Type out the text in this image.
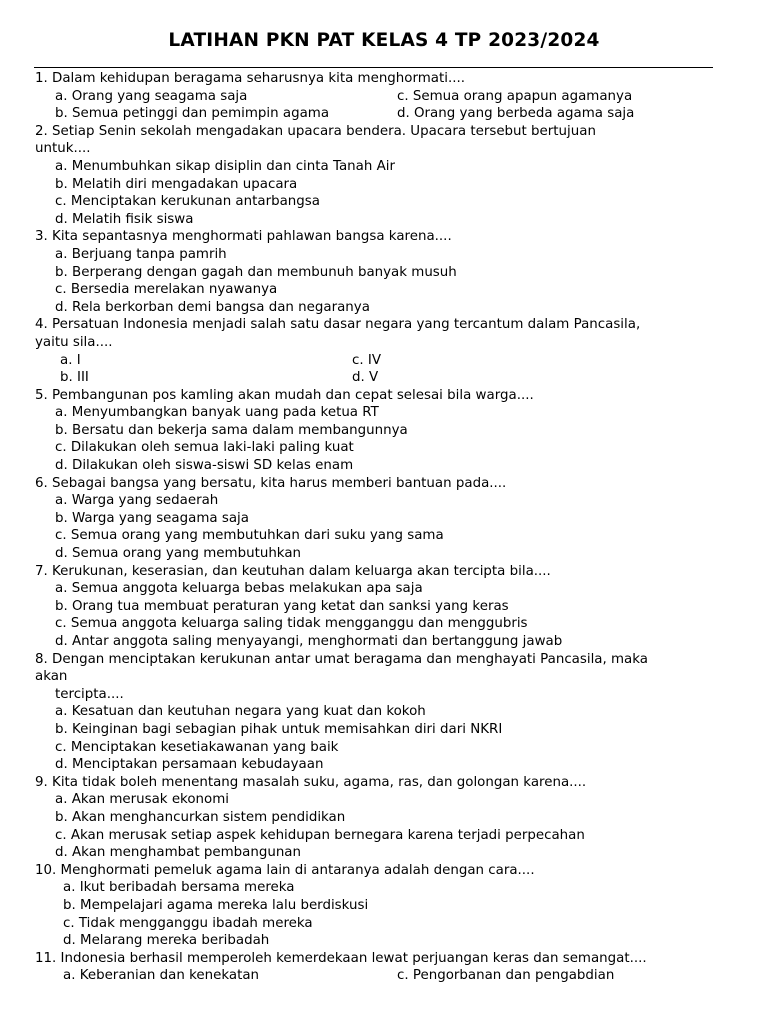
LATIHAN PKN PAT KELAS 4 TP 2023/2024
1. Dalam kehidupan beragama seharusnya kita menghormati....
a. Orang yang seagama saja	c. Semua orang apapun agamanya
b. Semua petinggi dan pemimpin agama	d. Orang yang berbeda agama saja
2. Setiap Senin sekolah mengadakan upacara bendera. Upacara tersebut bertujuan
untuk....
a. Menumbuhkan sikap disiplin dan cinta Tanah Air
b. Melatih diri mengadakan upacara
c. Menciptakan kerukunan antarbangsa
d. Melatih fisik siswa
3. Kita sepantasnya menghormati pahlawan bangsa karena....
a. Berjuang tanpa pamrih
b. Berperang dengan gagah dan membunuh banyak musuh
c. Bersedia merelakan nyawanya
d. Rela berkorban demi bangsa dan negaranya
4. Persatuan Indonesia menjadi salah satu dasar negara yang tercantum dalam Pancasila,
yaitu sila....
a. I	c. IV
b. III	d. V
5. Pembangunan pos kamling akan mudah dan cepat selesai bila warga....
a. Menyumbangkan banyak uang pada ketua RT
b. Bersatu dan bekerja sama dalam membangunnya
c. Dilakukan oleh semua laki-laki paling kuat
d. Dilakukan oleh siswa-siswi SD kelas enam
6. Sebagai bangsa yang bersatu, kita harus memberi bantuan pada....
a. Warga yang sedaerah
b. Warga yang seagama saja
c. Semua orang yang membutuhkan dari suku yang sama
d. Semua orang yang membutuhkan
7. Kerukunan, keserasian, dan keutuhan dalam keluarga akan tercipta bila....
a. Semua anggota keluarga bebas melakukan apa saja
b. Orang tua membuat peraturan yang ketat dan sanksi yang keras
c. Semua anggota keluarga saling tidak mengganggu dan menggubris
d. Antar anggota saling menyayangi, menghormati dan bertanggung jawab
8. Dengan menciptakan kerukunan antar umat beragama dan menghayati Pancasila, maka
akan
tercipta....
a. Kesatuan dan keutuhan negara yang kuat dan kokoh
b. Keinginan bagi sebagian pihak untuk memisahkan diri dari NKRI
c. Menciptakan kesetiakawanan yang baik
d. Menciptakan persamaan kebudayaan
9. Kita tidak boleh menentang masalah suku, agama, ras, dan golongan karena....
a. Akan merusak ekonomi
b. Akan menghancurkan sistem pendidikan
c. Akan merusak setiap aspek kehidupan bernegara karena terjadi perpecahan
d. Akan menghambat pembangunan
10. Menghormati pemeluk agama lain di antaranya adalah dengan cara....
a. Ikut beribadah bersama mereka
b. Mempelajari agama mereka lalu berdiskusi
c. Tidak mengganggu ibadah mereka
d. Melarang mereka beribadah
11. Indonesia berhasil memperoleh kemerdekaan lewat perjuangan keras dan semangat....
a. Keberanian dan kenekatan	c. Pengorbanan dan pengabdian
